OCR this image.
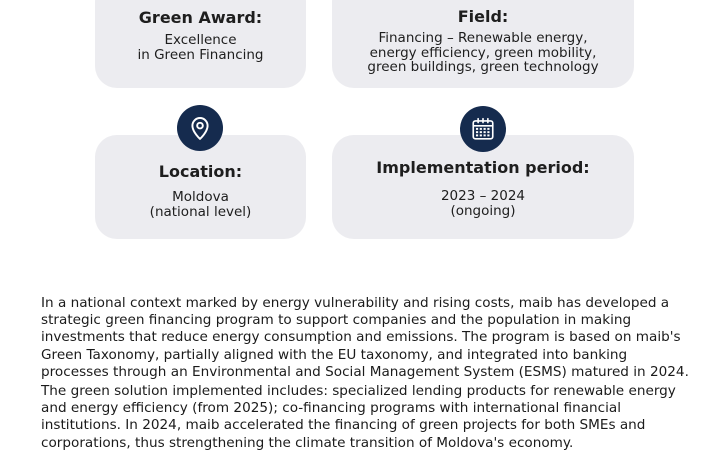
Green Award:
Excellence
in Green Financing
Field:
Financing – Renewable energy,
energy efficiency, green mobility,
green buildings, green technology
Location:
Moldova
(national level)
Implementation period:
2023 – 2024
(ongoing)

In a national context marked by energy vulnerability and rising costs, maib has developed a strategic green financing program to support companies and the population in making investments that reduce energy consumption and emissions. The program is based on maib's Green Taxonomy, partially aligned with the EU taxonomy, and integrated into banking processes through an Environmental and Social Management System (ESMS) matured in 2024.

The green solution implemented includes: specialized lending products for renewable energy and energy efficiency (from 2025); co-financing programs with international financial institutions. In 2024, maib accelerated the financing of green projects for both SMEs and corporations, thus strengthening the climate transition of Moldova's economy.
